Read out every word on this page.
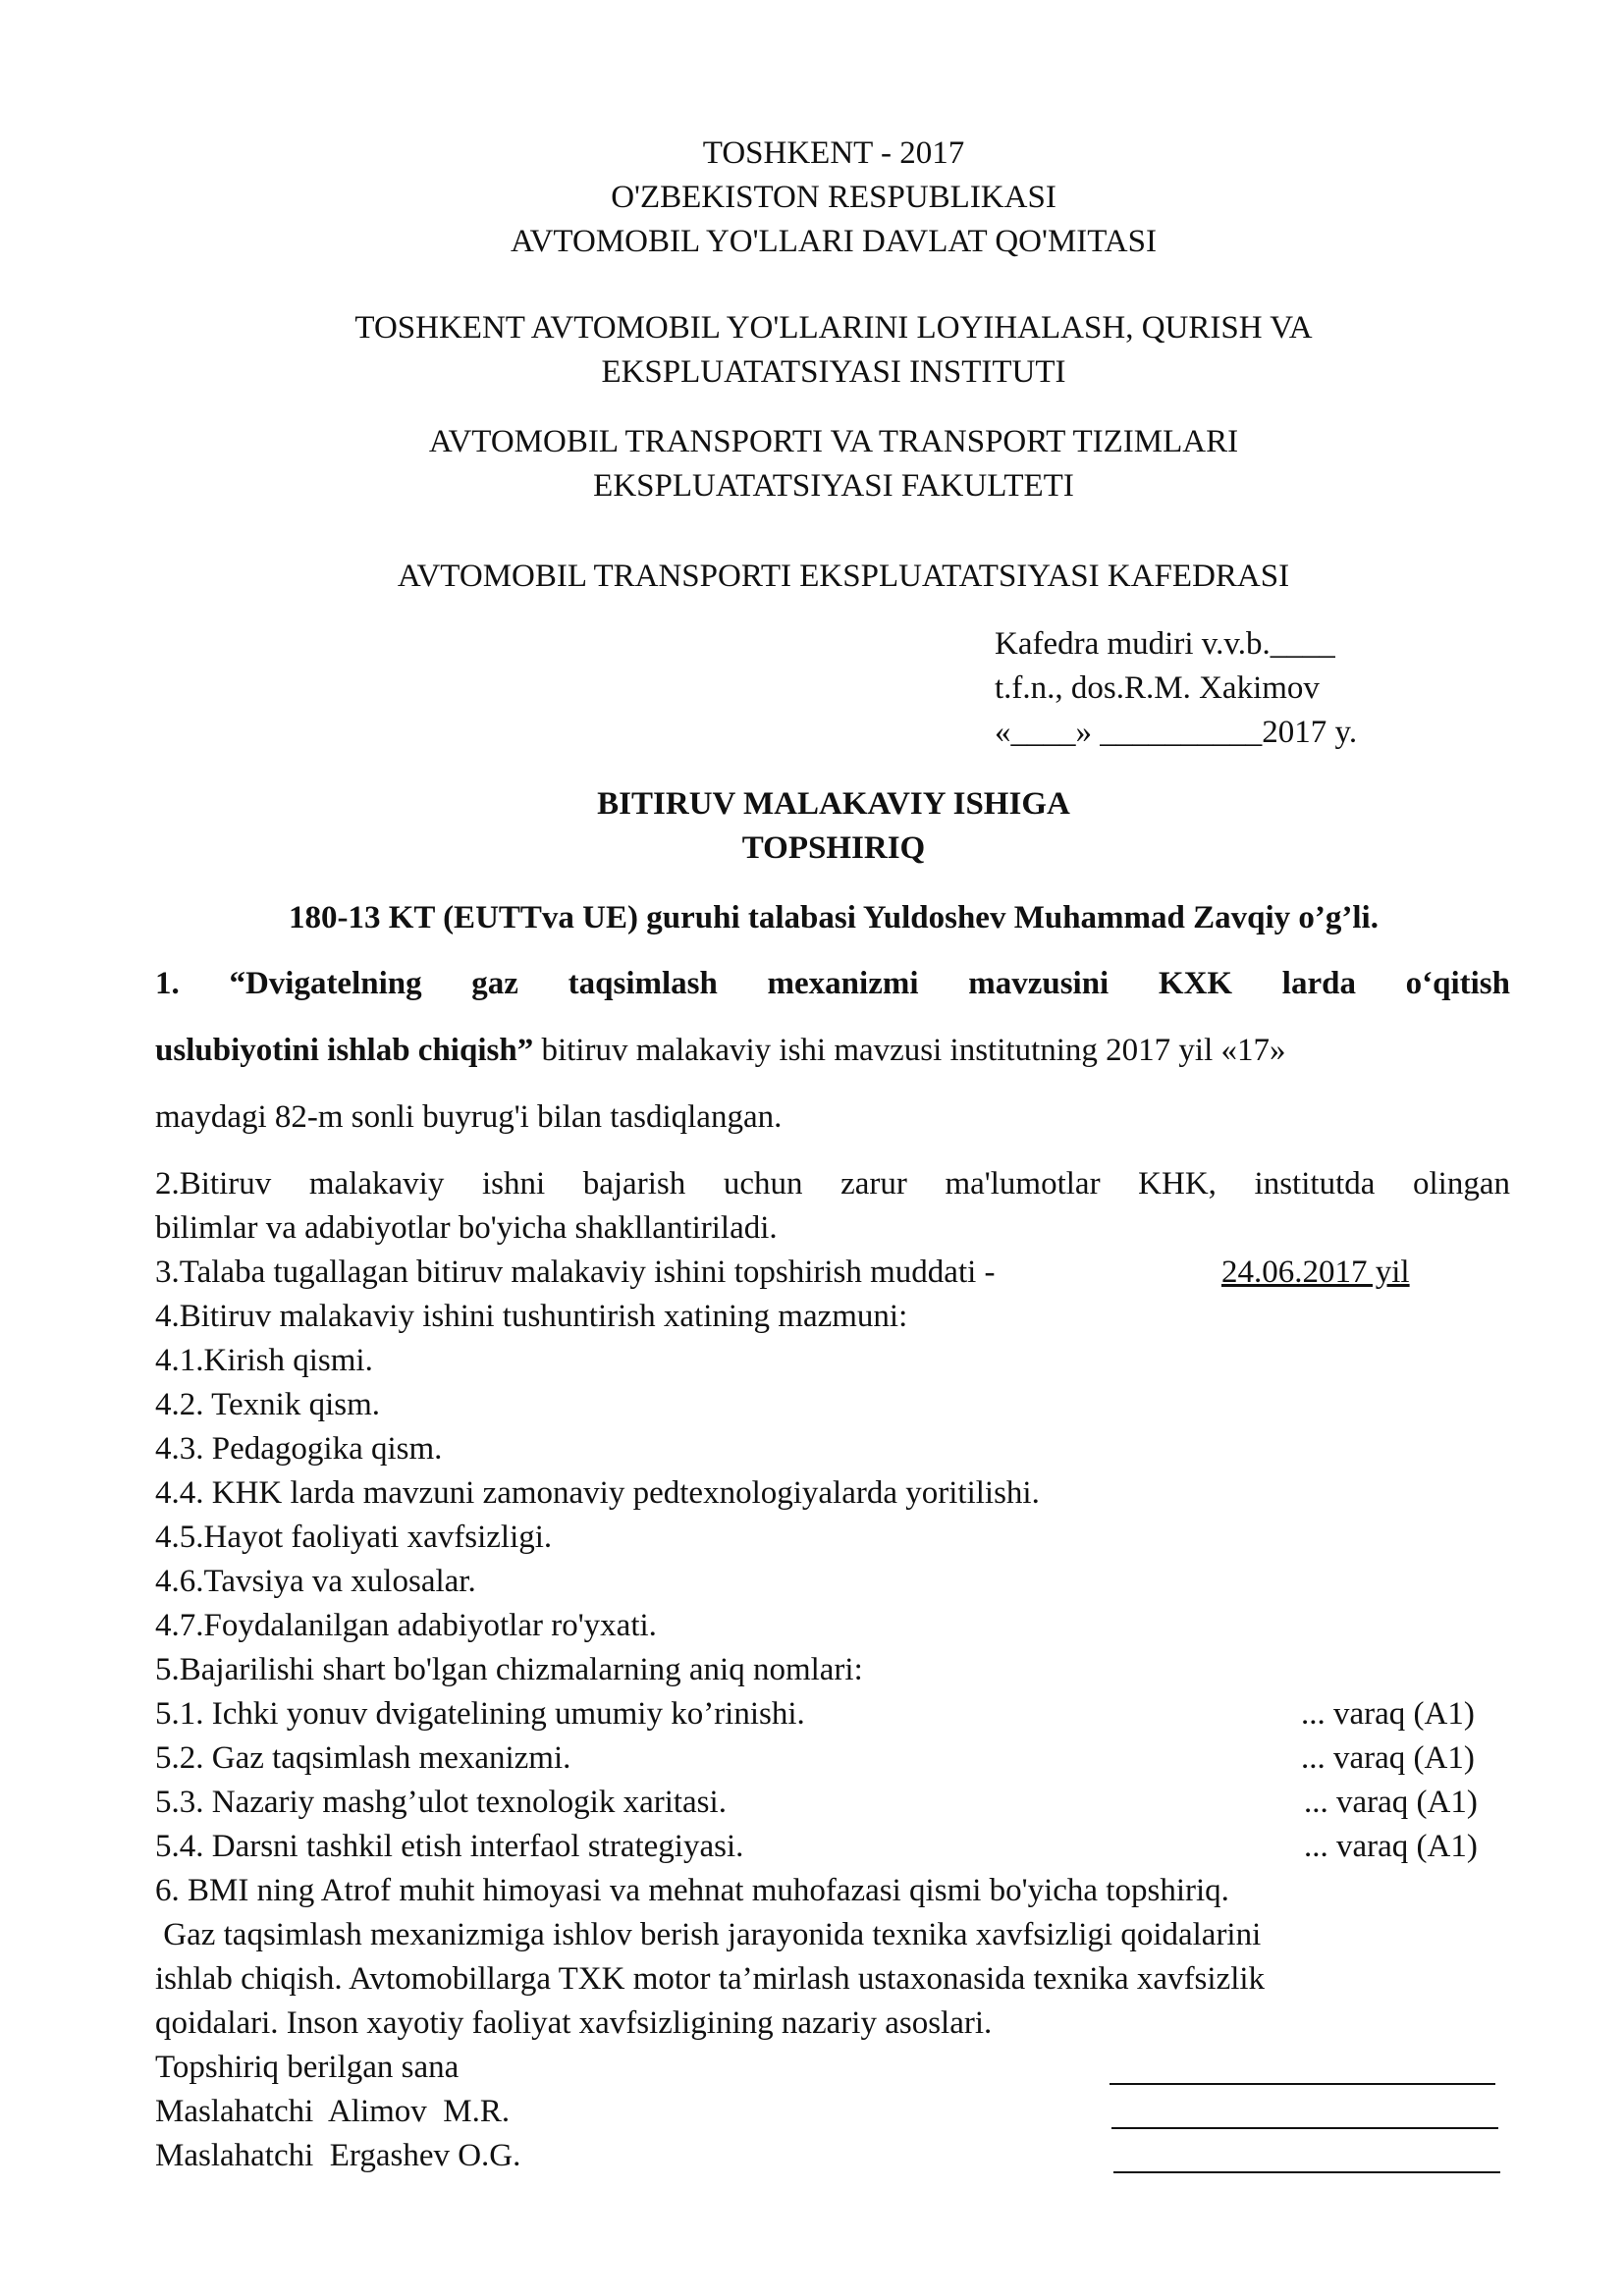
TOSHKENT - 2017
O'ZBEKISTON RESPUBLIKASI
AVTOMOBIL YO'LLARI DAVLAT QO'MITASI
TOSHKENT AVTOMOBIL YO'LLARINI LOYIHALASH, QURISH VA
EKSPLUATATSIYASI INSTITUTI
AVTOMOBIL TRANSPORTI VA TRANSPORT TIZIMLARI
EKSPLUATATSIYASI FAKULTETI
AVTOMOBIL TRANSPORTI EKSPLUATATSIYASI KAFEDRASI
Kafedra mudiri v.v.b.____
t.f.n., dos.R.M. Xakimov
«____» __________2017 y.
BITIRUV MALAKAVIY ISHIGA
TOPSHIRIQ
180-13 KT (EUTTva UE) guruhi talabasi Yuldoshev Muhammad Zavqiy o’g’li.
1. “Dvigatelning gaz taqsimlash mexanizmi mavzusini KXK larda o‘qitish
uslubiyotini ishlab chiqish” bitiruv malakaviy ishi mavzusi institutning 2017 yil «17»
maydagi 82-m sonli buyrug'i bilan tasdiqlangan.
2.Bitiruv malakaviy ishni bajarish uchun zarur ma'lumotlar KHK, institutda olingan
bilimlar va adabiyotlar bo'yicha shakllantiriladi.
3.Talaba tugallagan bitiruv malakaviy ishini topshirish muddati -	24.06.2017 yil
4.Bitiruv malakaviy ishini tushuntirish xatining mazmuni:
4.1.Kirish qismi.
4.2. Texnik qism.
4.3. Pedagogika qism.
4.4. KHK larda mavzuni zamonaviy pedtexnologiyalarda yoritilishi.
4.5.Hayot faoliyati xavfsizligi.
4.6.Tavsiya va xulosalar.
4.7.Foydalanilgan adabiyotlar ro'yxati.
5.Bajarilishi shart bo'lgan chizmalarning aniq nomlari:
5.1. Ichki yonuv dvigatelining umumiy ko’rinishi.	... varaq (A1)
5.2. Gaz taqsimlash mexanizmi.	... varaq (A1)
5.3. Nazariy mashg’ulot texnologik xaritasi.	... varaq (A1)
5.4. Darsni tashkil etish interfaol strategiyasi.	... varaq (A1)
6. BMI ning Atrof muhit himoyasi va mehnat muhofazasi qismi bo'yicha topshiriq.
Gaz taqsimlash mexanizmiga ishlov berish jarayonida texnika xavfsizligi qoidalarini
ishlab chiqish. Avtomobillarga TXK motor ta’mirlash ustaxonasida texnika xavfsizlik
qoidalari. Inson xayotiy faoliyat xavfsizligining nazariy asoslari.
Topshiriq berilgan sana
Maslahatchi  Alimov  M.R.
Maslahatchi  Ergashev O.G.
